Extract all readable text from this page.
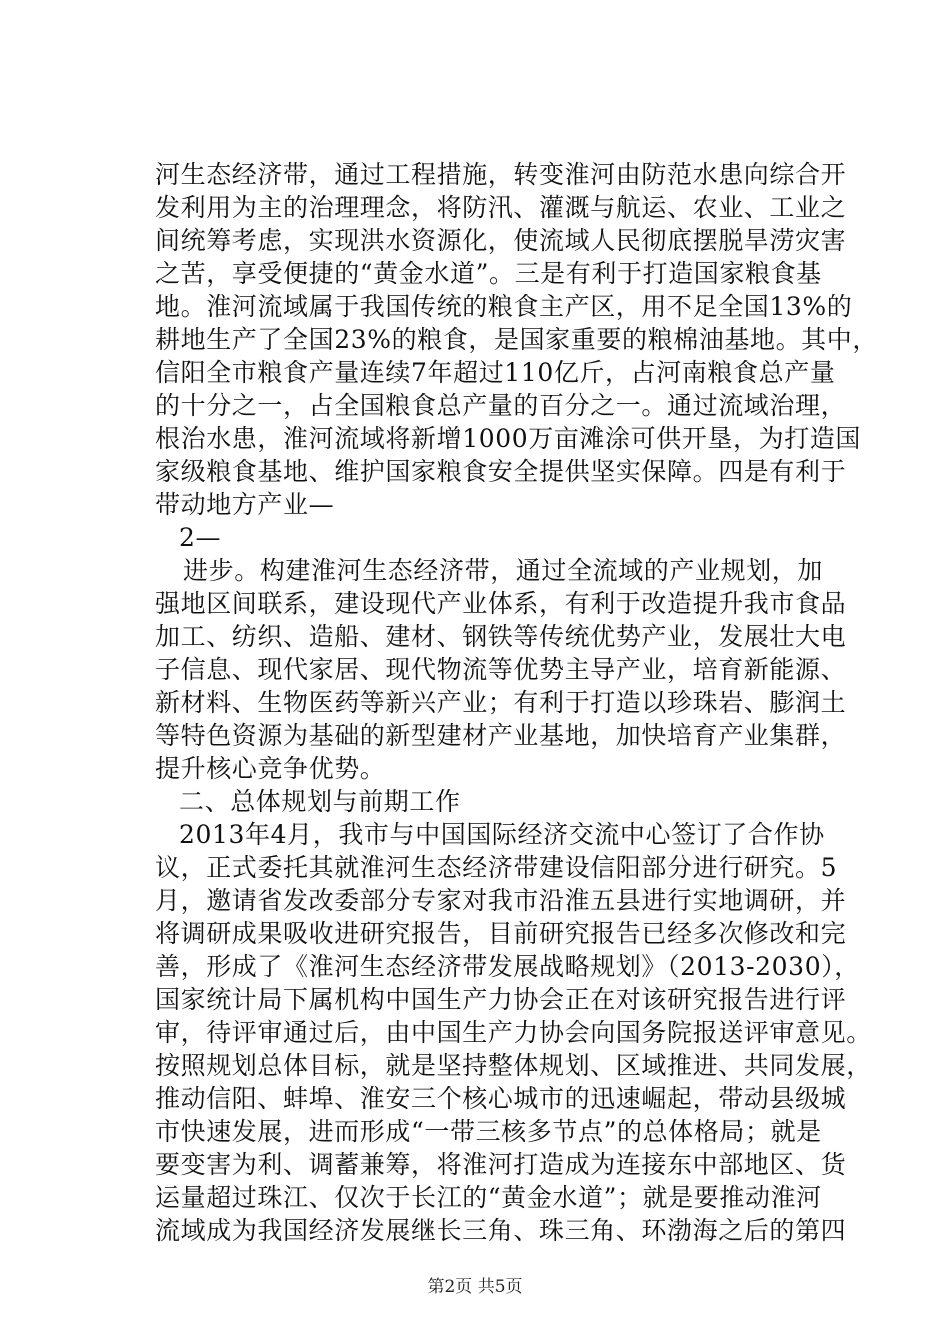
河生态经济带，通过工程措施，转变淮河由防范水患向综合开
发利用为主的治理理念，将防汛、灌溉与航运、农业、工业之
间统筹考虑，实现洪水资源化，使流域人民彻底摆脱旱涝灾害
之苦，享受便捷的“黄金水道”。三是有利于打造国家粮食基
地。淮河流域属于我国传统的粮食主产区，用不足全国13%的
耕地生产了全国23%的粮食，是国家重要的粮棉油基地。其中，
信阳全市粮食产量连续7年超过110亿斤，占河南粮食总产量
的十分之一，占全国粮食总产量的百分之一。通过流域治理，
根治水患，淮河流域将新增1000万亩滩涂可供开垦，为打造国
家级粮食基地、维护国家粮食安全提供坚实保障。四是有利于
带动地方产业—
2—
进步。构建淮河生态经济带，通过全流域的产业规划，加
强地区间联系，建设现代产业体系，有利于改造提升我市食品
加工、纺织、造船、建材、钢铁等传统优势产业，发展壮大电
子信息、现代家居、现代物流等优势主导产业，培育新能源、
新材料、生物医药等新兴产业；有利于打造以珍珠岩、膨润土
等特色资源为基础的新型建材产业基地，加快培育产业集群，
提升核心竞争优势。
二、总体规划与前期工作
2013年4月，我市与中国国际经济交流中心签订了合作协
议，正式委托其就淮河生态经济带建设信阳部分进行研究。5
月，邀请省发改委部分专家对我市沿淮五县进行实地调研，并
将调研成果吸收进研究报告，目前研究报告已经多次修改和完
善，形成了《淮河生态经济带发展战略规划》（2013-2030），
国家统计局下属机构中国生产力协会正在对该研究报告进行评
审，待评审通过后，由中国生产力协会向国务院报送评审意见。
按照规划总体目标，就是坚持整体规划、区域推进、共同发展，
推动信阳、蚌埠、淮安三个核心城市的迅速崛起，带动县级城
市快速发展，进而形成“一带三核多节点”的总体格局；就是
要变害为利、调蓄兼筹，将淮河打造成为连接东中部地区、货
运量超过珠江、仅次于长江的“黄金水道”；就是要推动淮河
流域成为我国经济发展继长三角、珠三角、环渤海之后的第四
第2页 共5页
